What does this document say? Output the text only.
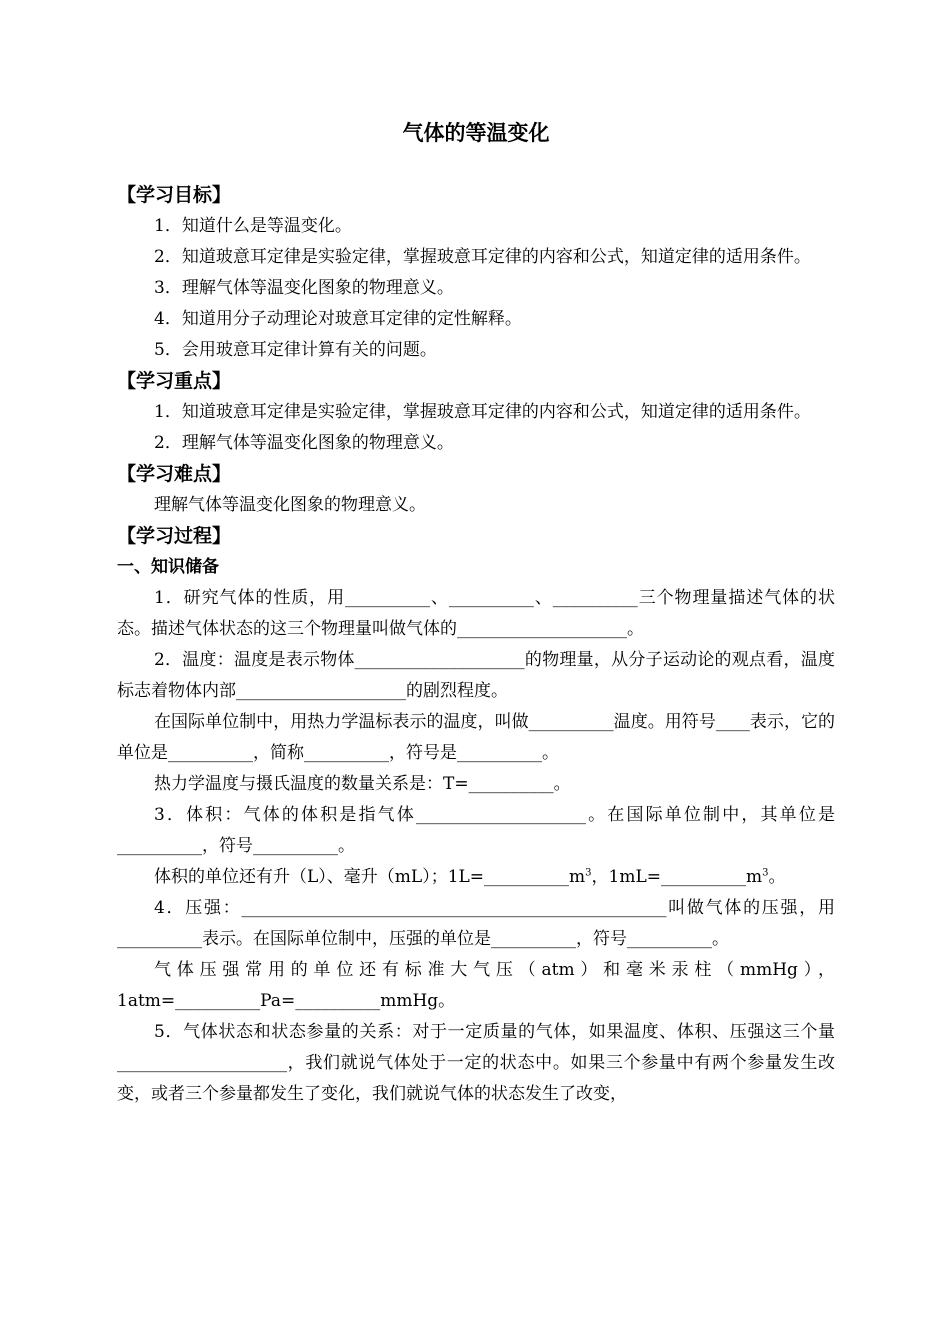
气体的等温变化
【学习目标】
1．知道什么是等温变化。
2．知道玻意耳定律是实验定律，掌握玻意耳定律的内容和公式，知道定律的适用条件。
3．理解气体等温变化图象的物理意义。
4．知道用分子动理论对玻意耳定律的定性解释。
5．会用玻意耳定律计算有关的问题。
【学习重点】
1．知道玻意耳定律是实验定律，掌握玻意耳定律的内容和公式，知道定律的适用条件。
2．理解气体等温变化图象的物理意义。
【学习难点】
理解气体等温变化图象的物理意义。
【学习过程】
一、知识储备
1．研究气体的性质，用__________、__________、__________三个物理量描述气体的状态。描述气体状态的这三个物理量叫做气体的____________________。
2．温度：温度是表示物体____________________的物理量，从分子运动论的观点看，温度标志着物体内部____________________的剧烈程度。
在国际单位制中，用热力学温标表示的温度，叫做__________温度。用符号____表示，它的单位是__________，简称__________，符号是__________。
热力学温度与摄氏温度的数量关系是：T=__________。
3．体积：气体的体积是指气体____________________。在国际单位制中，其单位是__________，符号__________。
体积的单位还有升（L）、毫升（mL）；$1L=\_\_\_\_\_\_\_\_\_\_m^3$，$1mL=\_\_\_\_\_\_\_\_\_\_m^3$。
4．压强：__________________________________________________叫做气体的压强，用__________表示。在国际单位制中，压强的单位是__________，符号__________。
气体压强常用的单位还有标准大气压（atm）和毫米汞柱（mmHg），1atm=__________Pa=__________mmHg。
5．气体状态和状态参量的关系：对于一定质量的气体，如果温度、体积、压强这三个量____________________，我们就说气体处于一定的状态中。如果三个参量中有两个参量发生改变，或者三个参量都发生了变化，我们就说气体的状态发生了改变，
